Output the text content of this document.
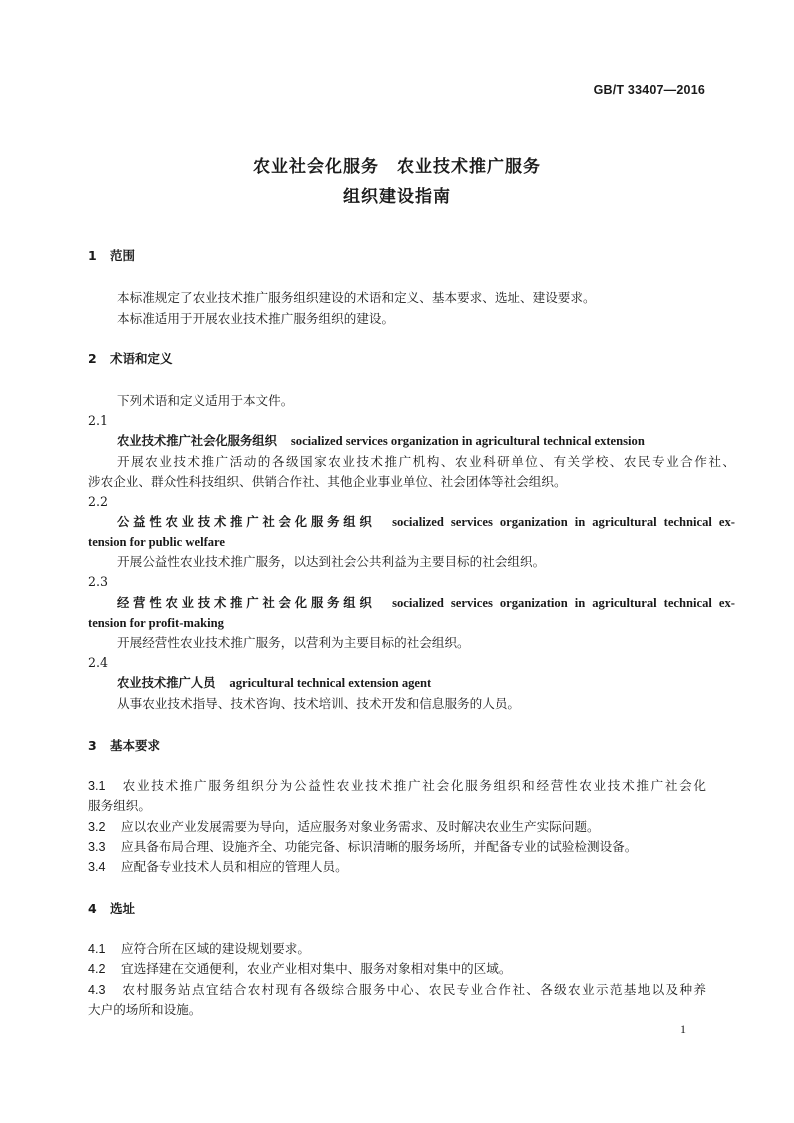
GB/T 33407—2016
农业社会化服务 农业技术推广服务
组织建设指南
1 范围
本标准规定了农业技术推广服务组织建设的术语和定义、基本要求、选址、建设要求。
本标准适用于开展农业技术推广服务组织的建设。
2 术语和定义
下列术语和定义适用于本文件。
2.1
农业技术推广社会化服务组织 socialized services organization in agricultural technical extension
开展农业技术推广活动的各级国家农业技术推广机构、农业科研单位、有关学校、农民专业合作社、
涉农企业、群众性科技组织、供销合作社、其他企业事业单位、社会团体等社会组织。
2.2
公益性农业技术推广社会化服务组织　 socialized services organization in agricultural technical ex-
tension for public welfare
开展公益性农业技术推广服务，以达到社会公共利益为主要目标的社会组织。
2.3
经营性农业技术推广社会化服务组织　 socialized services organization in agricultural technical ex-
tension for profit-making
开展经营性农业技术推广服务，以营利为主要目标的社会组织。
2.4
农业技术推广人员 agricultural technical extension agent
从事农业技术指导、技术咨询、技术培训、技术开发和信息服务的人员。
3 基本要求
3.1 农业技术推广服务组织分为公益性农业技术推广社会化服务组织和经营性农业技术推广社会化
服务组织。
3.2 应以农业产业发展需要为导向，适应服务对象业务需求、及时解决农业生产实际问题。
3.3 应具备布局合理、设施齐全、功能完备、标识清晰的服务场所，并配备专业的试验检测设备。
3.4 应配备专业技术人员和相应的管理人员。
4 选址
4.1 应符合所在区域的建设规划要求。
4.2 宜选择建在交通便利，农业产业相对集中、服务对象相对集中的区域。
4.3 农村服务站点宜结合农村现有各级综合服务中心、农民专业合作社、各级农业示范基地以及种养
大户的场所和设施。
1
